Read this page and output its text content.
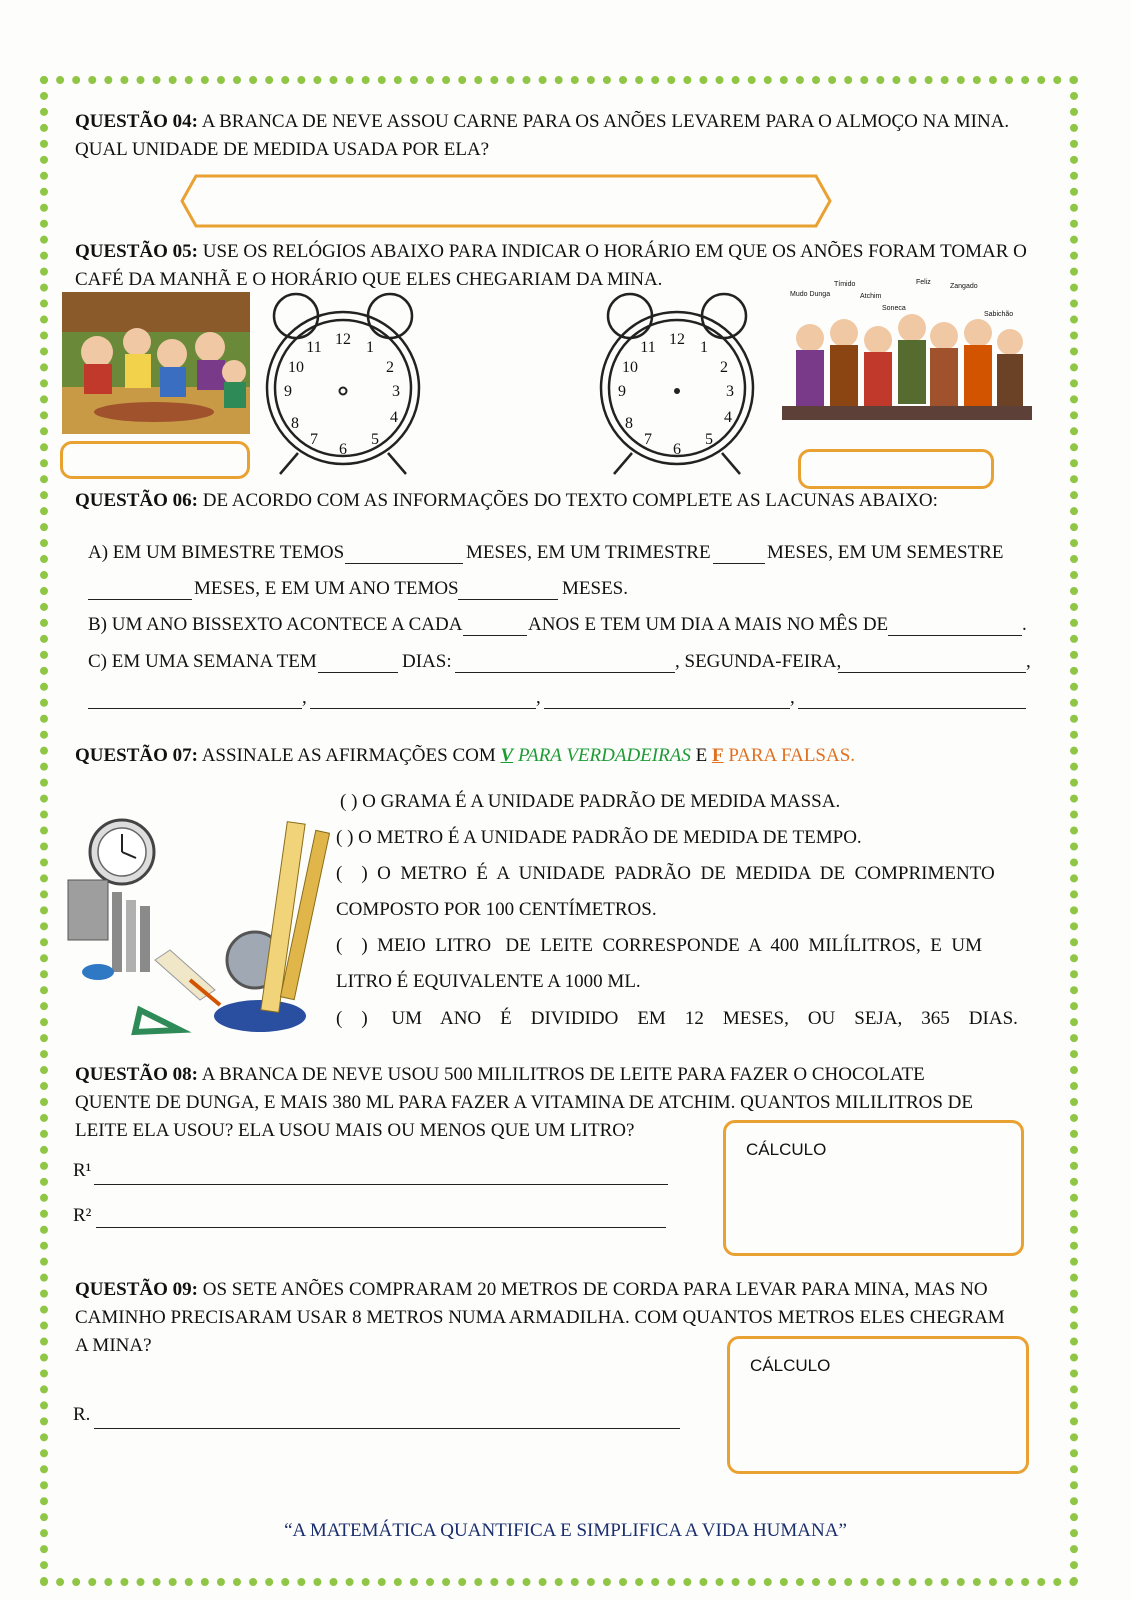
QUESTÃO 04: A BRANCA DE NEVE ASSOU CARNE PARA OS ANÕES LEVAREM PARA O ALMOÇO NA MINA.
QUAL UNIDADE DE MEDIDA USADA POR ELA?
QUESTÃO 05: USE OS RELÓGIOS ABAIXO PARA INDICAR O HORÁRIO EM QUE OS ANÕES FORAM TOMAR O
CAFÉ DA MANHÃ E O HORÁRIO QUE ELES CHEGARIAM DA MINA.
12 1
2
3
4
5
6
7
8
9
10
11	12 1
2
3
4
5
6
7
8
9
10
11
Mudo Dunga
Tímido
Atchim
Feliz
Zangado
Soneca
Sabichão
QUESTÃO 06: DE ACORDO COM AS INFORMAÇÕES DO TEXTO COMPLETE AS LACUNAS ABAIXO:
A) EM UM BIMESTRE TEMOS	MESES, EM UM TRIMESTRE	MESES, EM UM SEMESTRE
MESES, E EM UM ANO TEMOS	MESES.
B) UM ANO BISSEXTO ACONTECE A CADA	ANOS E TEM UM DIA A MAIS NO MÊS DE	.
C) EM UMA SEMANA TEM	DIAS:	, SEGUNDA-FEIRA,	,
,	,	,
QUESTÃO 07: ASSINALE AS AFIRMAÇÕES COM V PARA VERDADEIRAS E F PARA FALSAS.
( ) O GRAMA É A UNIDADE PADRÃO DE MEDIDA MASSA.
( ) O METRO É A UNIDADE PADRÃO DE MEDIDA DE TEMPO.
(    )  O  METRO  É  A  UNIDADE  PADRÃO  DE  MEDIDA  DE  COMPRIMENTO
COMPOSTO POR 100 CENTÍMETROS.
(    )  MEIO  LITRO   DE  LEITE  CORRESPONDE  A  400  MILÍLITROS,  E  UM
LITRO É EQUIVALENTE A 1000 ML.
(    )     UM    ANO    É    DIVIDIDO    EM    12    MESES,    OU    SEJA,    365    DIAS.
QUESTÃO 08: A BRANCA DE NEVE USOU 500 MILILITROS DE LEITE PARA FAZER O CHOCOLATE
QUENTE DE DUNGA, E MAIS 380 ML PARA FAZER A VITAMINA DE ATCHIM. QUANTOS MILILITROS DE
LEITE ELA USOU? ELA USOU MAIS OU MENOS QUE UM LITRO?
R¹
R²
CÁLCULO
QUESTÃO 09: OS SETE ANÕES COMPRARAM 20 METROS DE CORDA PARA LEVAR PARA MINA, MAS NO
CAMINHO PRECISARAM USAR 8 METROS NUMA ARMADILHA. COM QUANTOS METROS ELES CHEGRAM
A MINA?
CÁLCULO
R.
“A MATEMÁTICA QUANTIFICA E SIMPLIFICA A VIDA HUMANA”
